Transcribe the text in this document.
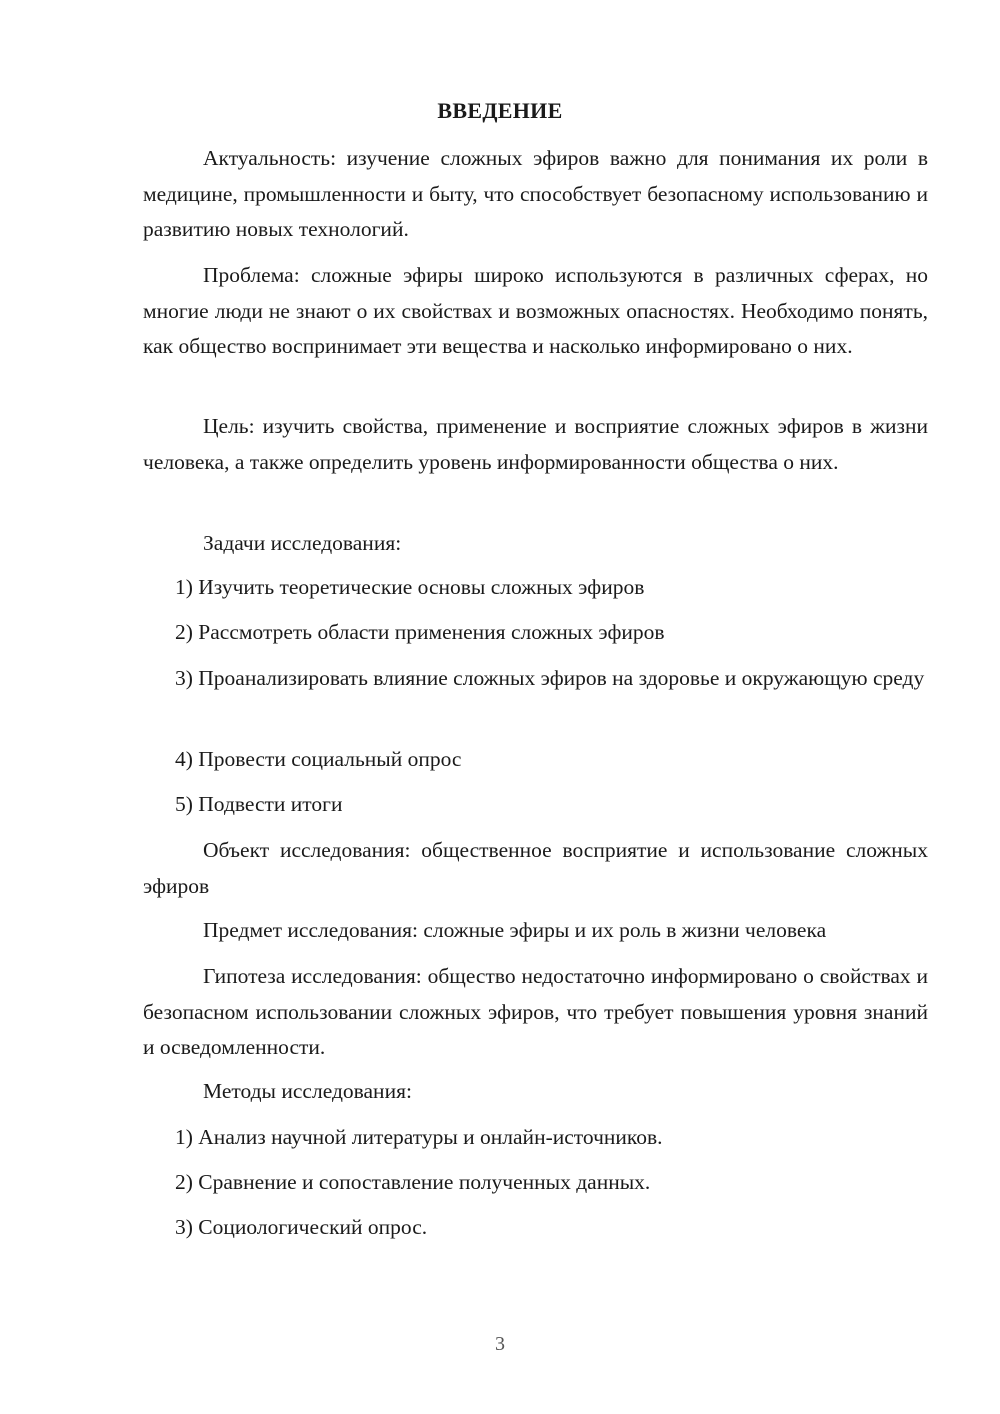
ВВЕДЕНИЕ
Актуальность: изучение сложных эфиров важно для понимания их роли в медицине, промышленности и быту, что способствует безопасному использованию и развитию новых технологий.
Проблема: сложные эфиры широко используются в различных сферах, но многие люди не знают о их свойствах и возможных опасностях. Необходимо понять, как общество воспринимает эти вещества и насколько информировано о них.
Цель: изучить свойства, применение и восприятие сложных эфиров в жизни человека, а также определить уровень информированности общества о них.
Задачи исследования:
1) Изучить теоретические основы сложных эфиров
2) Рассмотреть области применения сложных эфиров
3) Проанализировать влияние сложных эфиров на здоровье и окружающую среду
4) Провести социальный опрос
5) Подвести итоги
Объект исследования: общественное восприятие и использование сложных эфиров
Предмет исследования: сложные эфиры и их роль в жизни человека
Гипотеза исследования: общество недостаточно информировано о свойствах и безопасном использовании сложных эфиров, что требует повышения уровня знаний и осведомленности.
Методы исследования:
1) Анализ научной литературы и онлайн-источников.
2) Сравнение и сопоставление полученных данных.
3) Социологический опрос.
3
